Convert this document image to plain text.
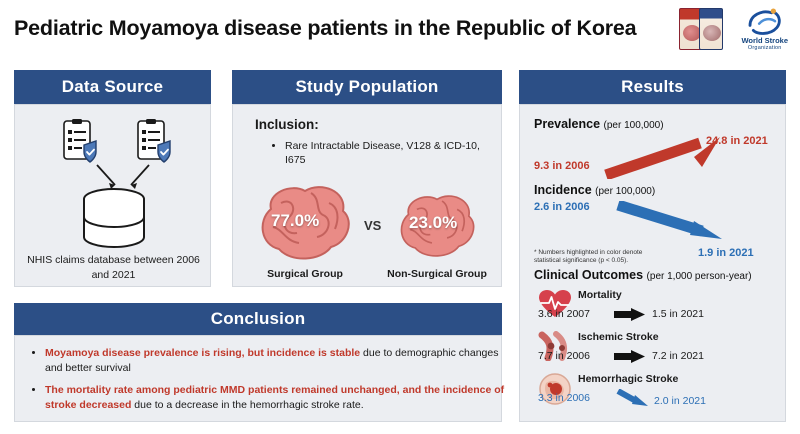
Pediatric Moyamoya disease patients in the Republic of Korea
World Stroke
Organization
Data Source
NHIS claims database between 2006 and 2021
Study Population
Inclusion:
• Rare Intractable Disease, V128 & ICD-10, I675
77.0%
Surgical Group
VS 23.0%
Non-Surgical Group
Results
Prevalence (per 100,000)
9.3 in 2006
24.8 in 2021
Incidence (per 100,000)
2.6 in 2006
1.9 in 2021
* Numbers highlighted in color denote statistical significance (p < 0.05).
Clinical Outcomes (per 1,000 person-year)
Mortality
3.6 in 2007	1.5 in 2021
Ischemic Stroke
7.7 in 2006	7.2 in 2021
Hemorrhagic Stroke
3.3 in 2006	2.0 in 2021
Conclusion
• Moyamoya disease prevalence is rising, but incidence is stable due to demographic changes and better survival
• The mortality rate among pediatric MMD patients remained unchanged, and the incidence of stroke decreased due to a decrease in the hemorrhagic stroke rate.
